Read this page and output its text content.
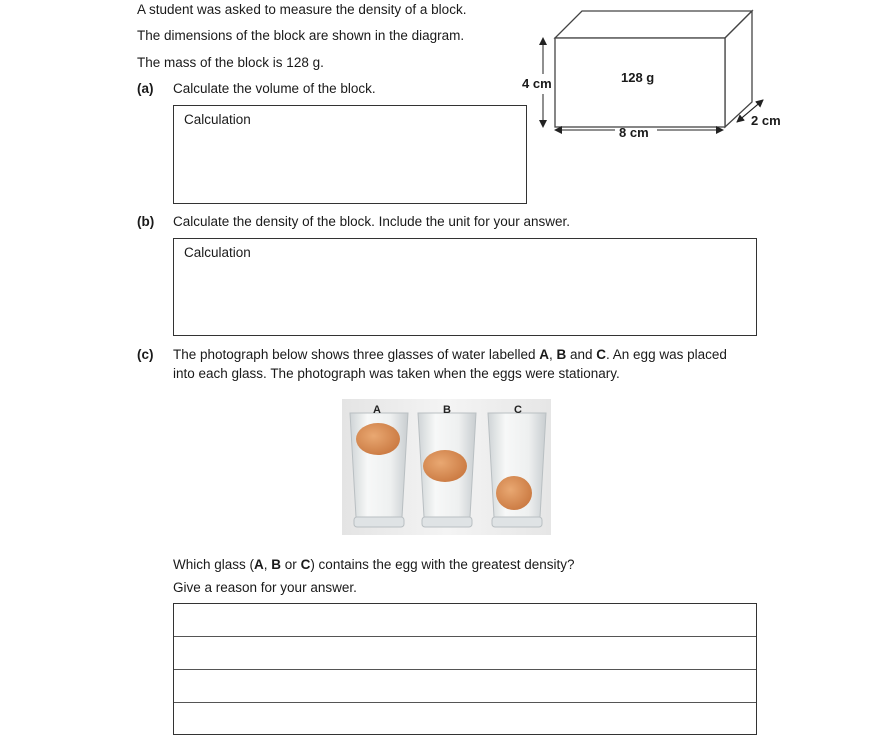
A student was asked to measure the density of a block.
The dimensions of the block are shown in the diagram.
The mass of the block is 128 g.
(a) Calculate the volume of the block.
Calculation
128 g
4 cm
8 cm
2 cm
(b) Calculate the density of the block. Include the unit for your answer.
Calculation
(c) The photograph below shows three glasses of water labelled A, B and C. An egg was placed
into each glass. The photograph was taken when the eggs were stationary.
A	B	C
Which glass (A, B or C) contains the egg with the greatest density?
Give a reason for your answer.
